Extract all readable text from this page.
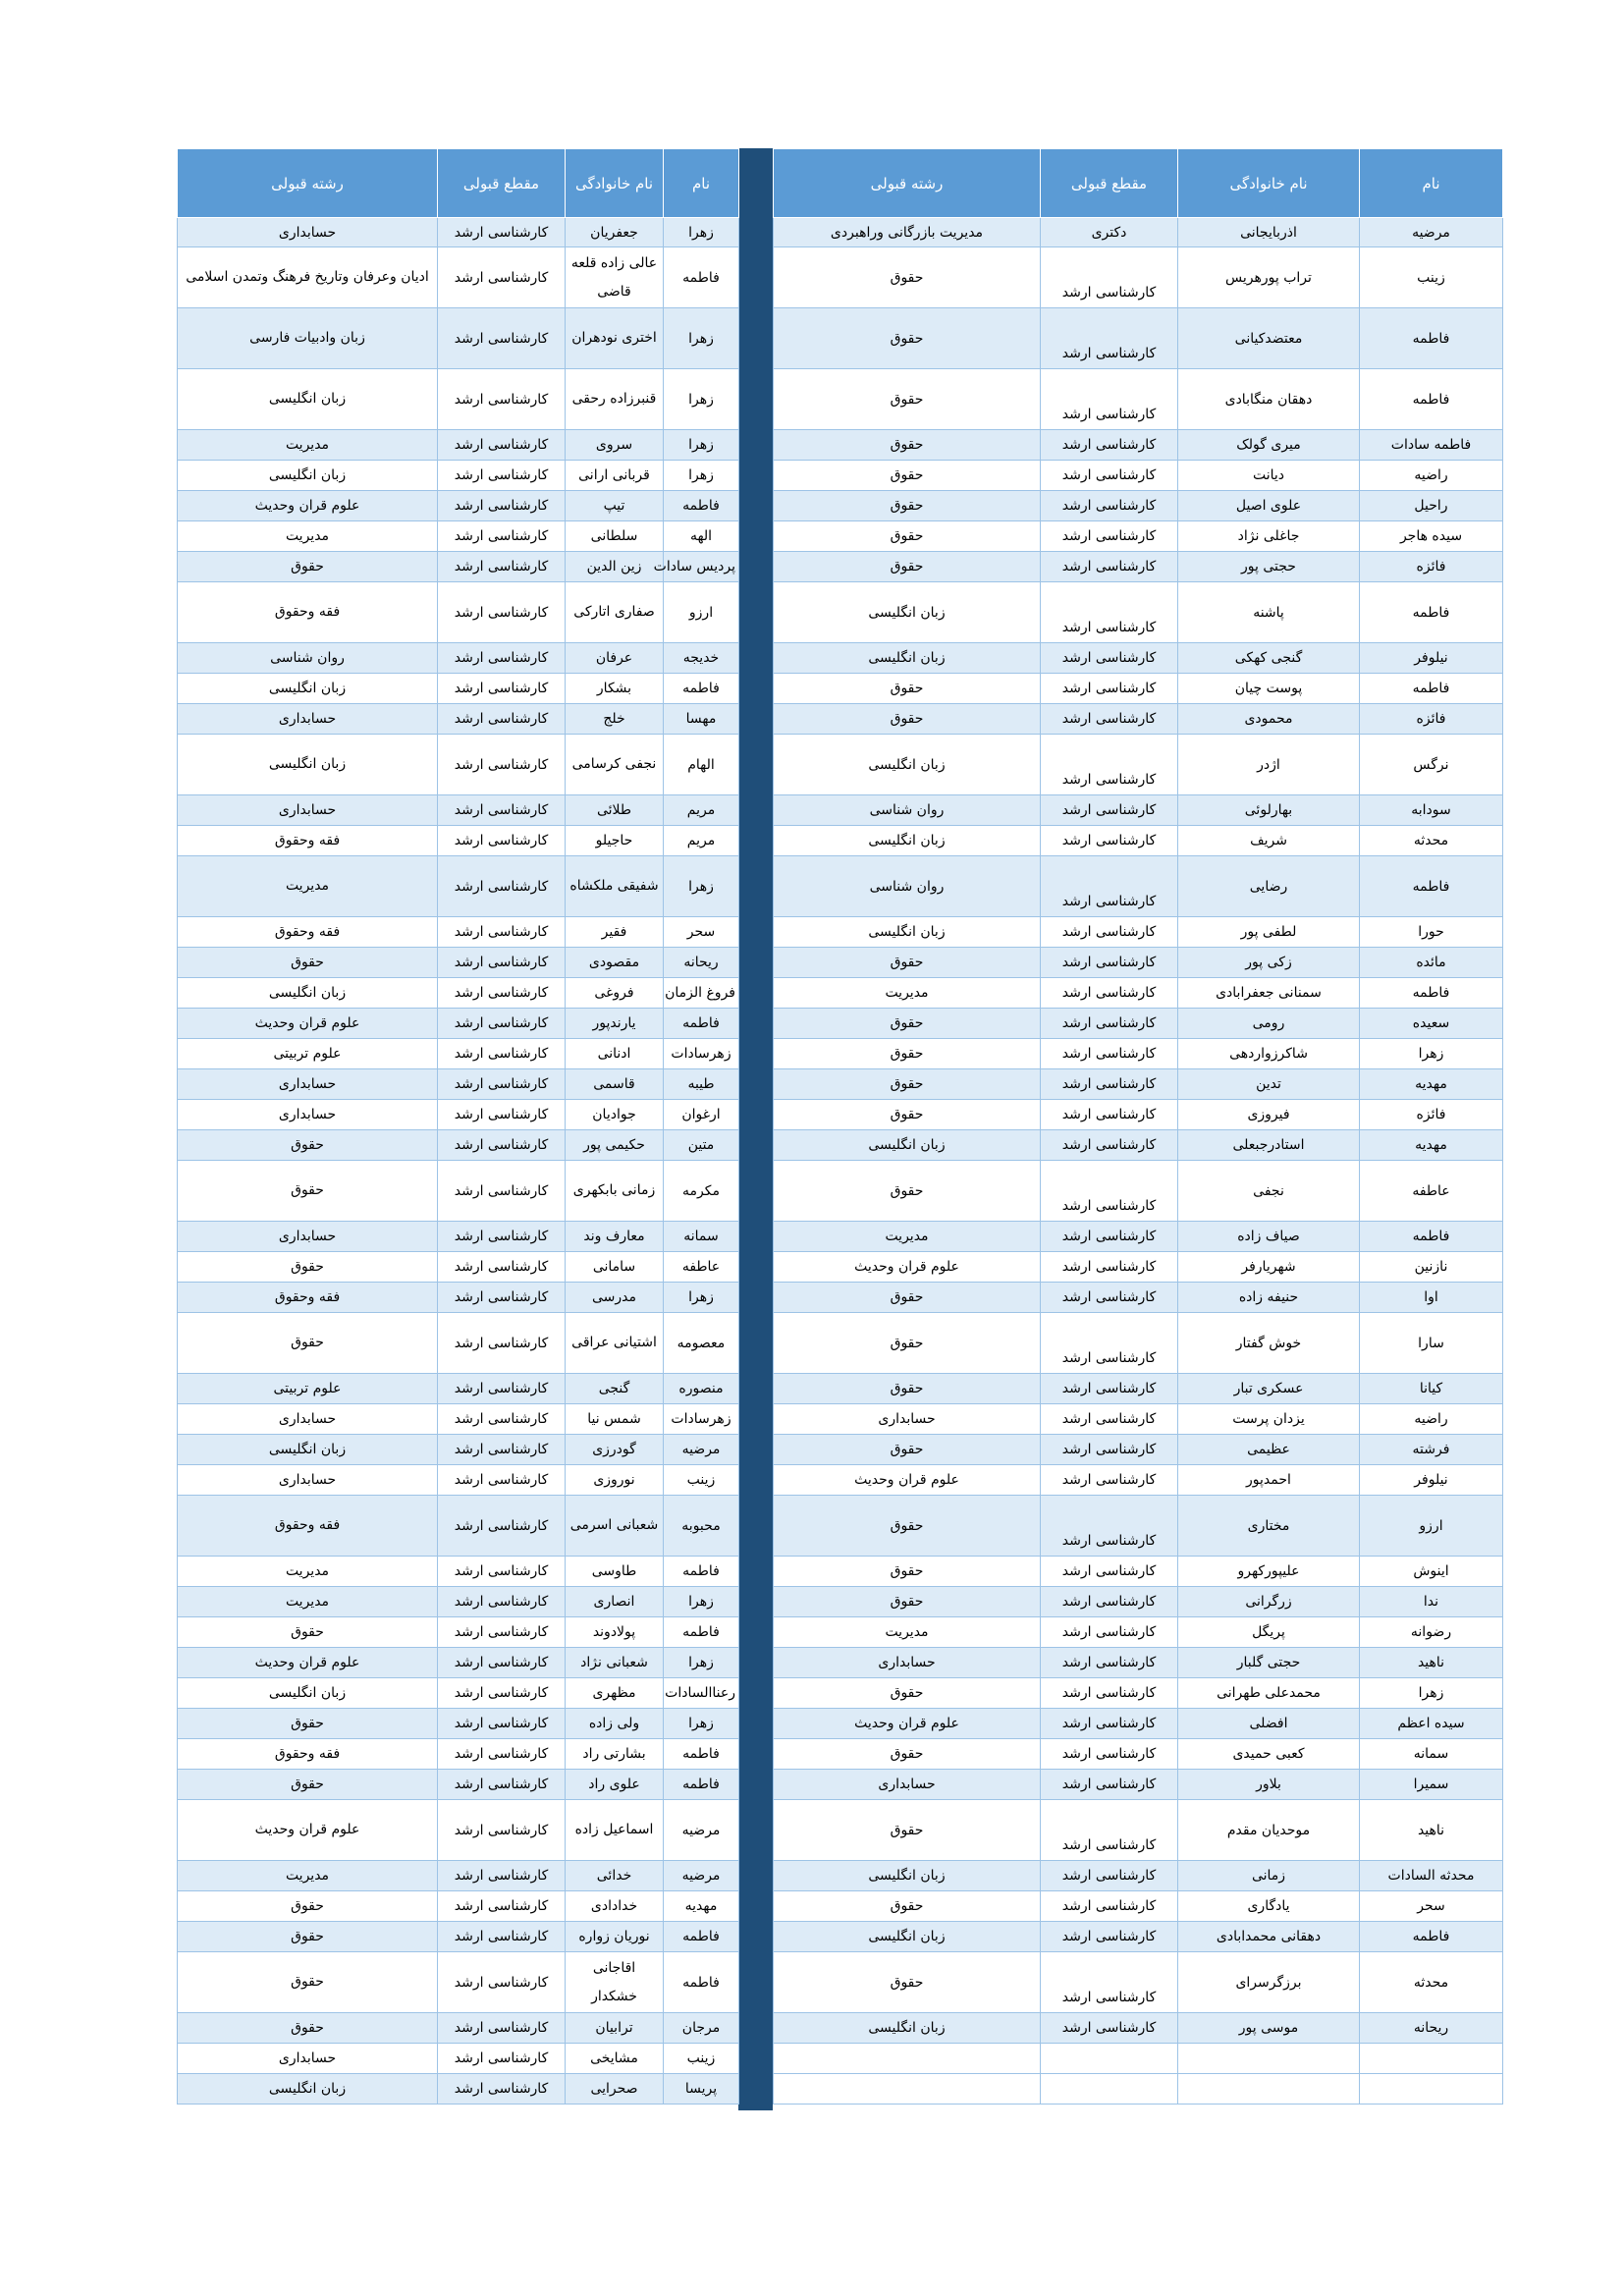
نام	نام خانوادگی	مقطع قبولی	رشته قبولی
مرضیه	اذربایجانی	دکتری	مدیریت بازرگانی وراهبردی
زینب	تراب پورهریس	کارشناسی ارشد	حقوق
فاطمه	معتضدکیانی	کارشناسی ارشد	حقوق
فاطمه	دهقان منگابادی	کارشناسی ارشد	حقوق
فاطمه سادات	میری گولک	کارشناسی ارشد	حقوق
راضیه	دیانت	کارشناسی ارشد	حقوق
راحیل	علوی اصیل	کارشناسی ارشد	حقوق
سیده هاجر	جاغلی نژاد	کارشناسی ارشد	حقوق
فائزه	حجتی پور	کارشناسی ارشد	حقوق
فاطمه	پاشنه	کارشناسی ارشد	زبان انگلیسی
نیلوفر	گنجی کهکی	کارشناسی ارشد	زبان انگلیسی
فاطمه	پوست چیان	کارشناسی ارشد	حقوق
فائزه	محمودی	کارشناسی ارشد	حقوق
نرگس	اژدر	کارشناسی ارشد	زبان انگلیسی
سودابه	بهارلوئی	کارشناسی ارشد	روان شناسی
محدثه	شریف	کارشناسی ارشد	زبان انگلیسی
فاطمه	رضایی	کارشناسی ارشد	روان شناسی
حورا	لطفی پور	کارشناسی ارشد	زبان انگلیسی
مائده	زکی پور	کارشناسی ارشد	حقوق
فاطمه	سمنانی جعفرابادی	کارشناسی ارشد	مدیریت
سعیده	رومی	کارشناسی ارشد	حقوق
زهرا	شاکرزواردهی	کارشناسی ارشد	حقوق
مهدیه	تدین	کارشناسی ارشد	حقوق
فائزه	فیروزی	کارشناسی ارشد	حقوق
مهدیه	استادرجبعلی	کارشناسی ارشد	زبان انگلیسی
عاطفه	نجفی	کارشناسی ارشد	حقوق
فاطمه	صیاف زاده	کارشناسی ارشد	مدیریت
نازنین	شهریارفر	کارشناسی ارشد	علوم قران وحدیث
اوا	حنیفه زاده	کارشناسی ارشد	حقوق
سارا	خوش گفتار	کارشناسی ارشد	حقوق
کیانا	عسکری تبار	کارشناسی ارشد	حقوق
راضیه	یزدان پرست	کارشناسی ارشد	حسابداری
فرشته	عظیمی	کارشناسی ارشد	حقوق
نیلوفر	احمدپور	کارشناسی ارشد	علوم قران وحدیث
ارزو	مختاری	کارشناسی ارشد	حقوق
اینوش	علیپورکهرو	کارشناسی ارشد	حقوق
ندا	زرگرانی	کارشناسی ارشد	حقوق
رضوانه	پریگل	کارشناسی ارشد	مدیریت
ناهید	حجتی گلبار	کارشناسی ارشد	حسابداری
زهرا	محمدعلی طهرانی	کارشناسی ارشد	حقوق
سیده اعظم	افضلی	کارشناسی ارشد	علوم قران وحدیث
سمانه	کعبی حمیدی	کارشناسی ارشد	حقوق
سمیرا	بلاور	کارشناسی ارشد	حسابداری
ناهید	موحدیان مقدم	کارشناسی ارشد	حقوق
محدثه السادات	زمانی	کارشناسی ارشد	زبان انگلیسی
سحر	یادگاری	کارشناسی ارشد	حقوق
فاطمه	دهقانی محمدابادی	کارشناسی ارشد	زبان انگلیسی
محدثه	برزگرسرای	کارشناسی ارشد	حقوق
ریحانه	موسی پور	کارشناسی ارشد	زبان انگلیسی

نام	نام خانوادگی	مقطع قبولی	رشته قبولی
زهرا	جعفریان	کارشناسی ارشد	حسابداری
فاطمه	عالی زاده قلعه قاضی	کارشناسی ارشد	ادیان وعرفان وتاریخ فرهنگ وتمدن اسلامی
زهرا	اختری نودهران	کارشناسی ارشد	زبان وادبیات فارسی
زهرا	قنبرزاده رحقی	کارشناسی ارشد	زبان انگلیسی
زهرا	سروی	کارشناسی ارشد	مدیریت
زهرا	قربانی ارانی	کارشناسی ارشد	زبان انگلیسی
فاطمه	تیپ	کارشناسی ارشد	علوم قران وحدیث
الهه	سلطانی	کارشناسی ارشد	مدیریت
پردیس سادات	زین الدین	کارشناسی ارشد	حقوق
ارزو	صفاری اتارکی	کارشناسی ارشد	فقه وحقوق
خدیجه	عرفان	کارشناسی ارشد	روان شناسی
فاطمه	بشکار	کارشناسی ارشد	زبان انگلیسی
مهسا	خلج	کارشناسی ارشد	حسابداری
الهام	نجفی کرسامی	کارشناسی ارشد	زبان انگلیسی
مریم	طلائی	کارشناسی ارشد	حسابداری
مریم	حاجیلو	کارشناسی ارشد	فقه وحقوق
زهرا	شفیقی ملکشاه	کارشناسی ارشد	مدیریت
سحر	فقیر	کارشناسی ارشد	فقه وحقوق
ریحانه	مقصودی	کارشناسی ارشد	حقوق
فروغ الزمان	فروغی	کارشناسی ارشد	زبان انگلیسی
فاطمه	یارندپور	کارشناسی ارشد	علوم قران وحدیث
زهرسادات	ادنانی	کارشناسی ارشد	علوم تربیتی
طیبه	قاسمی	کارشناسی ارشد	حسابداری
ارغوان	جوادیان	کارشناسی ارشد	حسابداری
متین	حکیمی پور	کارشناسی ارشد	حقوق
مکرمه	زمانی بابکهری	کارشناسی ارشد	حقوق
سمانه	معارف وند	کارشناسی ارشد	حسابداری
عاطفه	سامانی	کارشناسی ارشد	حقوق
زهرا	مدرسی	کارشناسی ارشد	فقه وحقوق
معصومه	اشتیانی عراقی	کارشناسی ارشد	حقوق
منصوره	گنجی	کارشناسی ارشد	علوم تربیتی
زهرسادات	شمس نیا	کارشناسی ارشد	حسابداری
مرضیه	گودرزی	کارشناسی ارشد	زبان انگلیسی
زینب	نوروزی	کارشناسی ارشد	حسابداری
محبوبه	شعبانی اسرمی	کارشناسی ارشد	فقه وحقوق
فاطمه	طاوسی	کارشناسی ارشد	مدیریت
زهرا	انصاری	کارشناسی ارشد	مدیریت
فاطمه	پولادوند	کارشناسی ارشد	حقوق
زهرا	شعبانی نژاد	کارشناسی ارشد	علوم قران وحدیث
رعناالسادات	مظهری	کارشناسی ارشد	زبان انگلیسی
زهرا	ولی زاده	کارشناسی ارشد	حقوق
فاطمه	بشارتی راد	کارشناسی ارشد	فقه وحقوق
فاطمه	علوی راد	کارشناسی ارشد	حقوق
مرضیه	اسماعیل زاده	کارشناسی ارشد	علوم قران وحدیث
مرضیه	خدائی	کارشناسی ارشد	مدیریت
مهدیه	خدادادی	کارشناسی ارشد	حقوق
فاطمه	نوریان زواره	کارشناسی ارشد	حقوق
فاطمه	اقاجانی خشکدار	کارشناسی ارشد	حقوق
مرجان	ترابیان	کارشناسی ارشد	حقوق
زینب	مشایخی	کارشناسی ارشد	حسابداری
پریسا	صحرایی	کارشناسی ارشد	زبان انگلیسی
